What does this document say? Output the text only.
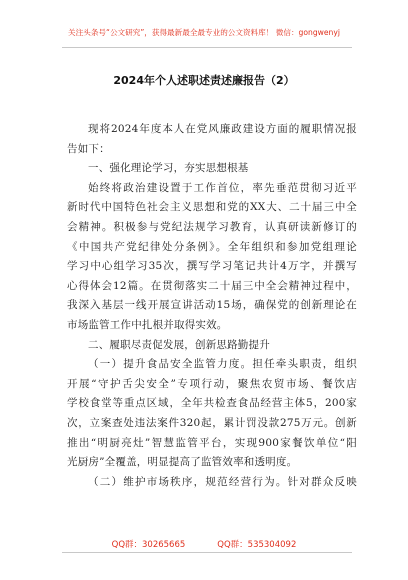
关注头条号“公文研究”，获得最新最全最专业的公文资料库！ 微信：gongwenyj
2024年个人述职述责述廉报告（2）
现将2024年度本人在党风廉政建设方面的履职情况报
告如下：
一、强化理论学习，夯实思想根基
始终将政治建设置于工作首位，率先垂范贯彻习近平
新时代中国特色社会主义思想和党的XX大、二十届三中全
会精神。积极参与党纪法规学习教育，认真研读新修订的
《中国共产党纪律处分条例》。全年组织和参加党组理论
学习中心组学习35次，撰写学习笔记共计4万字，并撰写
心得体会12篇。在贯彻落实二十届三中全会精神过程中，
我深入基层一线开展宣讲活动15场，确保党的创新理论在
市场监管工作中扎根并取得实效。
二、履职尽责促发展，创新思路勤提升
（一）提升食品安全监管力度。担任牵头职责，组织
开展“守护舌尖安全”专项行动，聚焦农贸市场、餐饮店
学校食堂等重点区域，全年共检查食品经营主体5，200家
次，立案查处违法案件320起，累计罚没款275万元。创新
推出“明厨亮灶”智慧监管平台，实现900家餐饮单位“阳
光厨房”全覆盖，明显提高了监管效率和透明度。
（二）维护市场秩序，规范经营行为。针对群众反映
QQ群：30265665	QQ群：535304092
